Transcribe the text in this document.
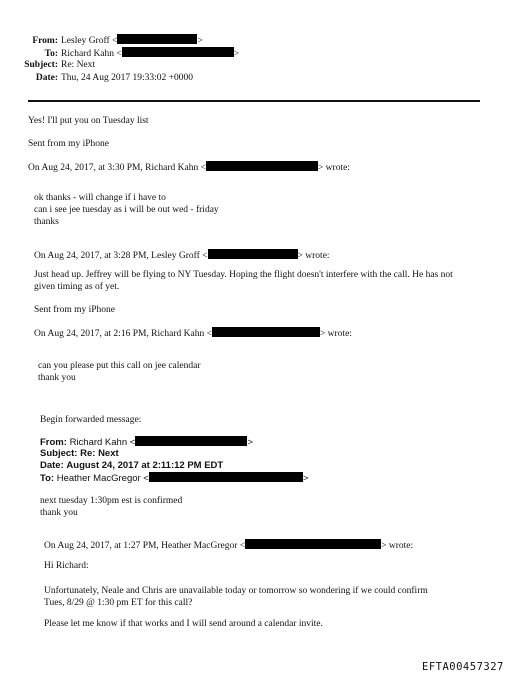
From: Lesley Groff <	>
To: Richard Kahn <	>
Subject: Re: Next
Date: Thu, 24 Aug 2017 19:33:02 +0000
Yes! I'll put you on Tuesday list
Sent from my iPhone
On Aug 24, 2017, at 3:30 PM, Richard Kahn <	> wrote:
ok thanks - will change if i have to
can i see jee tuesday as i will be out wed - friday
thanks
On Aug 24, 2017, at 3:28 PM, Lesley Groff <	> wrote:
Just head up. Jeffrey will be flying to NY Tuesday. Hoping the flight doesn't interfere with the call. He has not
given timing as of yet.
Sent from my iPhone
On Aug 24, 2017, at 2:16 PM, Richard Kahn <	> wrote:
can you please put this call on jee calendar
thank you
Begin forwarded message:
From: Richard Kahn <	>
Subject: Re: Next
Date: August 24, 2017 at 2:11:12 PM EDT
To: Heather MacGregor <	>
next tuesday 1:30pm est is confirmed
thank you
On Aug 24, 2017, at 1:27 PM, Heather MacGregor <	> wrote:
Hi Richard:
Unfortunately, Neale and Chris are unavailable today or tomorrow so wondering if we could confirm
Tues, 8/29 @ 1:30 pm ET for this call?
Please let me know if that works and I will send around a calendar invite.
EFTA00457327
